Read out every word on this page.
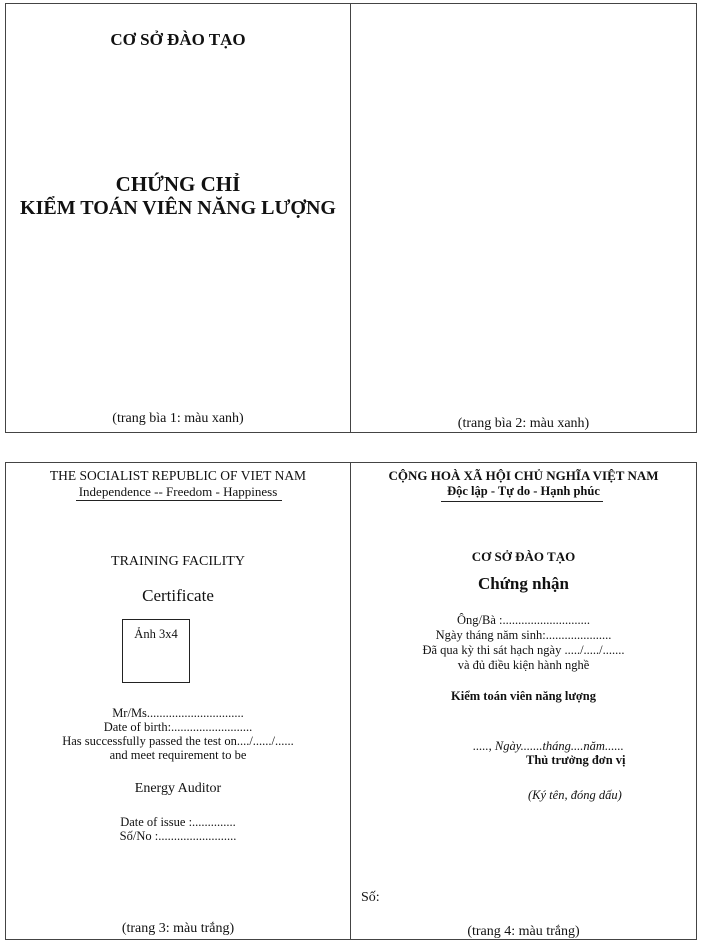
CƠ SỞ ĐÀO TẠO
CHỨNG CHỈ
KIỂM TOÁN VIÊN NĂNG LƯỢNG
(trang bìa 1: màu xanh)	(trang bìa 2: màu xanh)
THE SOCIALIST REPUBLIC OF VIET NAM
Independence -- Freedom - Happiness
TRAINING FACILITY
Certificate
Ảnh 3x4
Mr/Ms...............................
Date of birth:..........................
Has successfully passed the test on..../....../......
and meet requirement to be
Energy Auditor
Date of issue :..............
Số/No :.........................
(trang 3: màu trắng)
CỘNG HOÀ XÃ HỘI CHỦ NGHĨA VIỆT NAM
Độc lập - Tự do - Hạnh phúc
CƠ SỞ ĐÀO TẠO
Chứng nhận
Ông/Bà :............................
Ngày tháng năm sinh:.....................
Đã qua kỳ thi sát hạch ngày ...../...../.......
và đủ điều kiện hành nghề
Kiểm toán viên năng lượng
....., Ngày.......tháng....năm......
Thủ trưởng đơn vị
(Ký tên, đóng dấu)
Số:
(trang 4: màu trắng)
